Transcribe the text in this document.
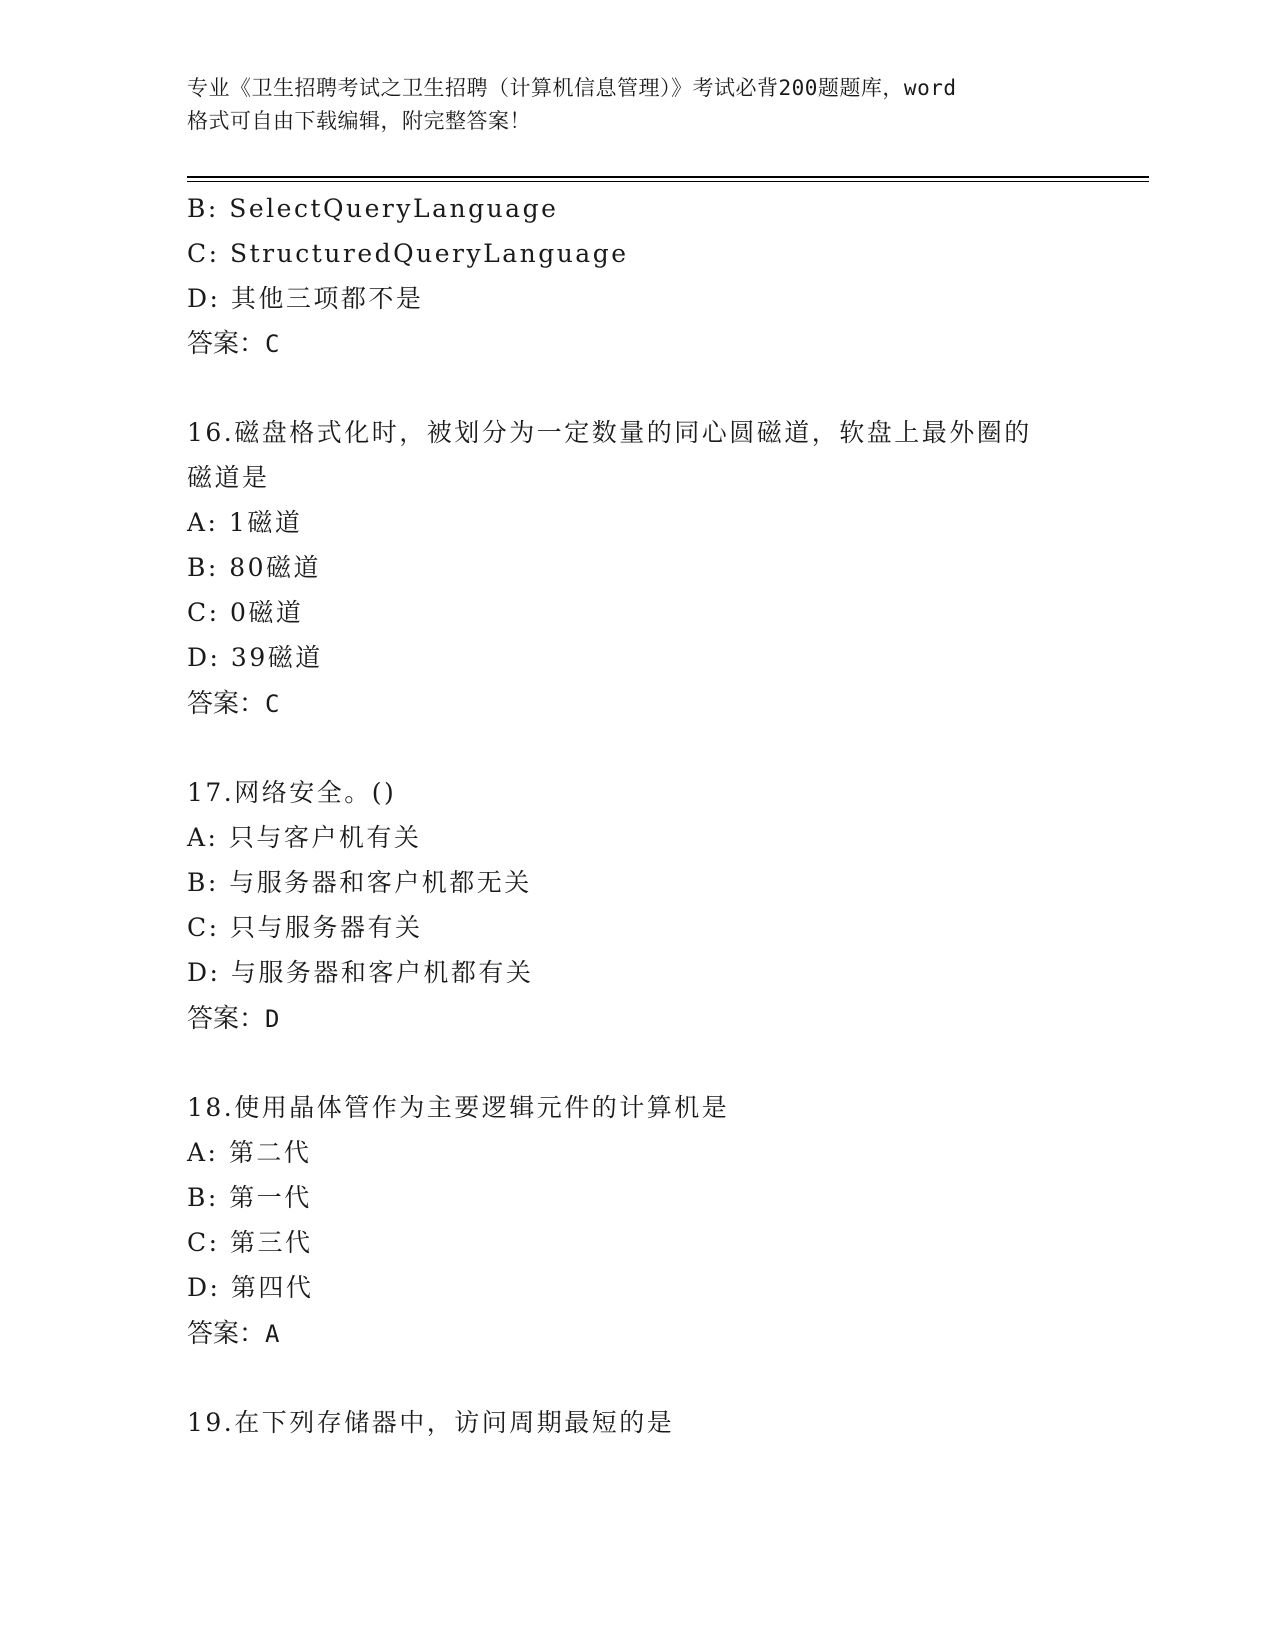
专业《卫生招聘考试之卫生招聘（计算机信息管理）》考试必背200题题库，word
格式可自由下载编辑，附完整答案！
B: SelectQueryLanguage
C: StructuredQueryLanguage
D: 其他三项都不是
答案：C
16.磁盘格式化时，被划分为一定数量的同心圆磁道，软盘上最外圈的
磁道是
A: 1磁道
B: 80磁道
C: 0磁道
D: 39磁道
答案：C
17.网络安全。()
A: 只与客户机有关
B: 与服务器和客户机都无关
C: 只与服务器有关
D: 与服务器和客户机都有关
答案：D
18.使用晶体管作为主要逻辑元件的计算机是
A: 第二代
B: 第一代
C: 第三代
D: 第四代
答案：A
19.在下列存储器中，访问周期最短的是
